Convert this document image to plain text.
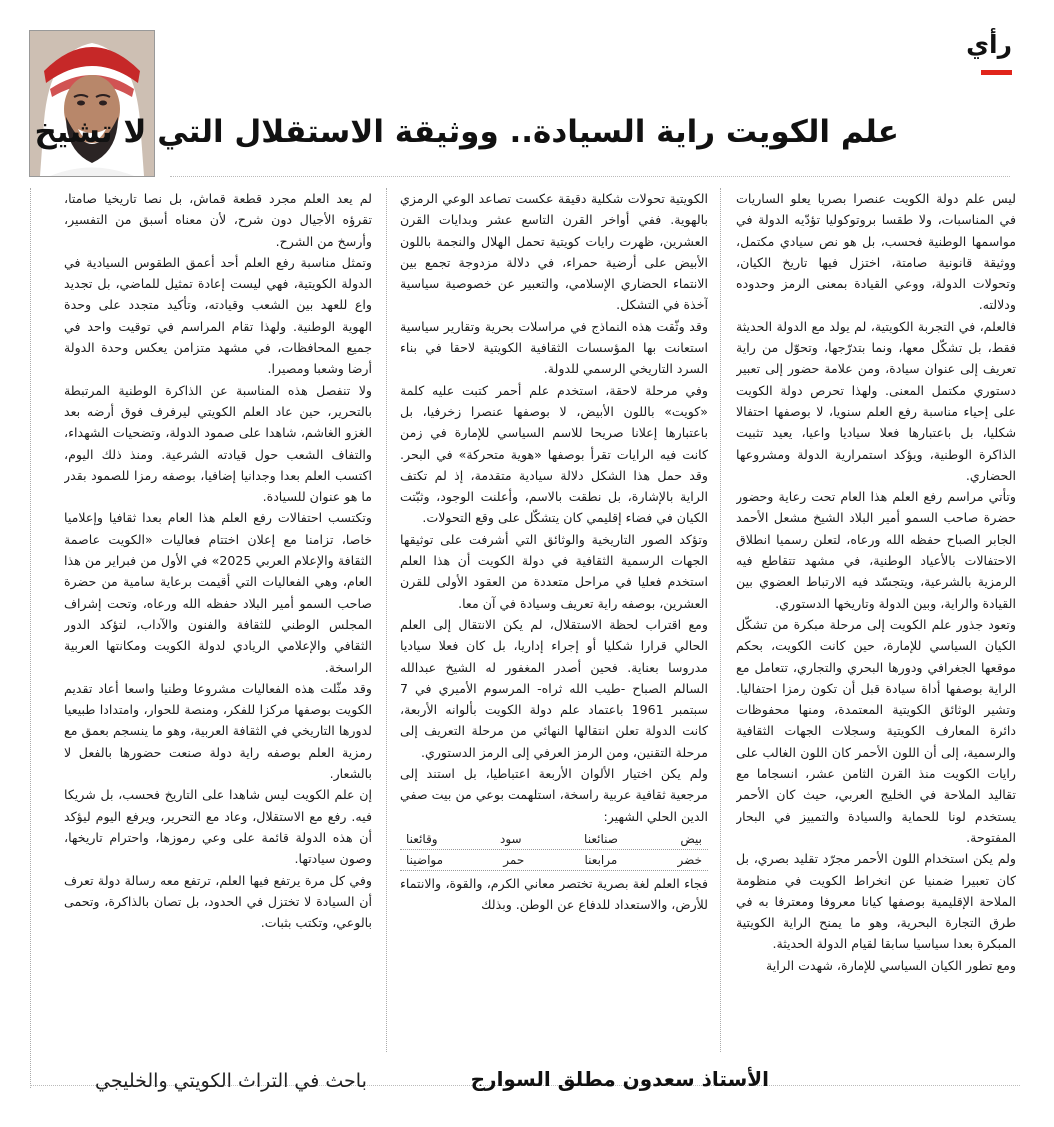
رأي
علم الكويت راية السيادة.. ووثيقة الاستقلال التي لا تشيخ

ليس علم دولة الكويت عنصرا بصريا يعلو الساريات في المناسبات، ولا طقسا بروتوكوليا تؤدّيه الدولة في مواسمها الوطنية فحسب، بل هو نص سيادي مكتمل، ووثيقة قانونية صامتة، اختزل فيها تاريخ الكيان، وتحولات الدولة، ووعي القيادة بمعنى الرمز وحدوده ودلالته.

فالعلم، في التجربة الكويتية، لم يولد مع الدولة الحديثة فقط، بل تشكّل معها، ونما بتدرّجها، وتحوّل من راية تعريف إلى عنوان سيادة، ومن علامة حضور إلى تعبير دستوري مكتمل المعنى. ولهذا تحرص دولة الكويت على إحياء مناسبة رفع العلم سنويا، لا بوصفها احتفالا شكليا، بل باعتبارها فعلا سياديا واعيا، يعيد تثبيت الذاكرة الوطنية، ويؤكد استمرارية الدولة ومشروعها الحضاري.

وتأتي مراسم رفع العلم هذا العام تحت رعاية وحضور حضرة صاحب السمو أمير البلاد الشيخ مشعل الأحمد الجابر الصباح حفظه الله ورعاه، لتعلن رسميا انطلاق الاحتفالات بالأعياد الوطنية، في مشهد تتقاطع فيه الرمزية بالشرعية، ويتجسّد فيه الارتباط العضوي بين القيادة والراية، وبين الدولة وتاريخها الدستوري.

وتعود جذور علم الكويت إلى مرحلة مبكرة من تشكّل الكيان السياسي للإمارة، حين كانت الكويت، بحكم موقعها الجغرافي ودورها البحري والتجاري، تتعامل مع الراية بوصفها أداة سيادة قبل أن تكون رمزا احتفاليا. وتشير الوثائق الكويتية المعتمدة، ومنها محفوظات دائرة المعارف الكويتية وسجلات الجهات الثقافية والرسمية، إلى أن اللون الأحمر كان اللون الغالب على رايات الكويت منذ القرن الثامن عشر، انسجاما مع تقاليد الملاحة في الخليج العربي، حيث كان الأحمر يستخدم لونا للحماية والسيادة والتمييز في البحار المفتوحة.

ولم يكن استخدام اللون الأحمر مجرّد تقليد بصري، بل كان تعبيرا ضمنيا عن انخراط الكويت في منظومة الملاحة الإقليمية بوصفها كيانا معروفا ومعترفا به في طرق التجارة البحرية، وهو ما يمنح الراية الكويتية المبكرة بعدا سياسيا سابقا لقيام الدولة الحديثة.

ومع تطور الكيان السياسي للإمارة، شهدت الراية

الكويتية تحولات شكلية دقيقة عكست تصاعد الوعي الرمزي بالهوية. ففي أواخر القرن التاسع عشر وبدايات القرن العشرين، ظهرت رايات كويتية تحمل الهلال والنجمة باللون الأبيض على أرضية حمراء، في دلالة مزدوجة تجمع بين الانتماء الحضاري الإسلامي، والتعبير عن خصوصية سياسية آخذة في التشكل.

وقد وثّقت هذه النماذج في مراسلات بحرية وتقارير سياسية استعانت بها المؤسسات الثقافية الكويتية لاحقا في بناء السرد التاريخي الرسمي للدولة.

وفي مرحلة لاحقة، استخدم علم أحمر كتبت عليه كلمة «كويت» باللون الأبيض، لا بوصفها عنصرا زخرفيا، بل باعتبارها إعلانا صريحا للاسم السياسي للإمارة في زمن كانت فيه الرايات تقرأ بوصفها «هوية متحركة» في البحر. وقد حمل هذا الشكل دلالة سيادية متقدمة، إذ لم تكتف الراية بالإشارة، بل نطقت بالاسم، وأعلنت الوجود، وثبّتت الكيان في فضاء إقليمي كان يتشكّل على وقع التحولات.

وتؤكد الصور التاريخية والوثائق التي أشرفت على توثيقها الجهات الرسمية الثقافية في دولة الكويت أن هذا العلم استخدم فعليا في مراحل متعددة من العقود الأولى للقرن العشرين، بوصفه راية تعريف وسيادة في آن معا.

ومع اقتراب لحظة الاستقلال، لم يكن الانتقال إلى العلم الحالي قرارا شكليا أو إجراء إداريا، بل كان فعلا سياديا مدروسا بعناية. فحين أصدر المغفور له الشيخ عبدالله السالم الصباح -طيب الله ثراه- المرسوم الأميري في 7 سبتمبر 1961 باعتماد علم دولة الكويت بألوانه الأربعة، كانت الدولة تعلن انتقالها النهائي من مرحلة التعريف إلى مرحلة التقنين، ومن الرمز العرفي إلى الرمز الدستوري.

ولم يكن اختيار الألوان الأربعة اعتباطيا، بل استند إلى مرجعية ثقافية عربية راسخة، استلهمت بوعي من بيت صفي الدين الحلي الشهير:

بيض صنائعنا سود وقائعنا
خضر مرابعنا حمر مواضينا

فجاء العلم لغة بصرية تختصر معاني الكرم، والقوة، والانتماء للأرض، والاستعداد للدفاع عن الوطن. وبذلك

لم يعد العلم مجرد قطعة قماش، بل نصا تاريخيا صامتا، تقرؤه الأجيال دون شرح، لأن معناه أسبق من التفسير، وأرسخ من الشرح.

وتمثل مناسبة رفع العلم أحد أعمق الطقوس السيادية في الدولة الكويتية، فهي ليست إعادة تمثيل للماضي، بل تجديد واع للعهد بين الشعب وقيادته، وتأكيد متجدد على وحدة الهوية الوطنية. ولهذا تقام المراسم في توقيت واحد في جميع المحافظات، في مشهد متزامن يعكس وحدة الدولة أرضا وشعبا ومصيرا.

ولا تنفصل هذه المناسبة عن الذاكرة الوطنية المرتبطة بالتحرير، حين عاد العلم الكويتي ليرفرف فوق أرضه بعد الغزو الغاشم، شاهدا على صمود الدولة، وتضحيات الشهداء، والتفاف الشعب حول قيادته الشرعية. ومنذ ذلك اليوم، اكتسب العلم بعدا وجدانيا إضافيا، بوصفه رمزا للصمود بقدر ما هو عنوان للسيادة.

وتكتسب احتفالات رفع العلم هذا العام بعدا ثقافيا وإعلاميا خاصا، تزامنا مع إعلان اختتام فعاليات «الكويت عاصمة الثقافة والإعلام العربي 2025» في الأول من فبراير من هذا العام، وهي الفعاليات التي أقيمت برعاية سامية من حضرة صاحب السمو أمير البلاد حفظه الله ورعاه، وتحت إشراف المجلس الوطني للثقافة والفنون والآداب، لتؤكد الدور الثقافي والإعلامي الريادي لدولة الكويت ومكانتها العربية الراسخة.

وقد مثّلت هذه الفعاليات مشروعا وطنيا واسعا أعاد تقديم الكويت بوصفها مركزا للفكر، ومنصة للحوار، وامتدادا طبيعيا لدورها التاريخي في الثقافة العربية، وهو ما ينسجم بعمق مع رمزية العلم بوصفه راية دولة صنعت حضورها بالفعل لا بالشعار.

إن علم الكويت ليس شاهدا على التاريخ فحسب، بل شريكا فيه. رفع مع الاستقلال، وعاد مع التحرير، ويرفع اليوم ليؤكد أن هذه الدولة قائمة على وعي رموزها، واحترام تاريخها، وصون سيادتها.

وفي كل مرة يرتفع فيها العلم، ترتفع معه رسالة دولة تعرف أن السيادة لا تختزل في الحدود، بل تصان بالذاكرة، وتحمى بالوعي، وتكتب بثبات.

الأستاذ سعدون مطلق السوارج
باحث في التراث الكويتي والخليجي
